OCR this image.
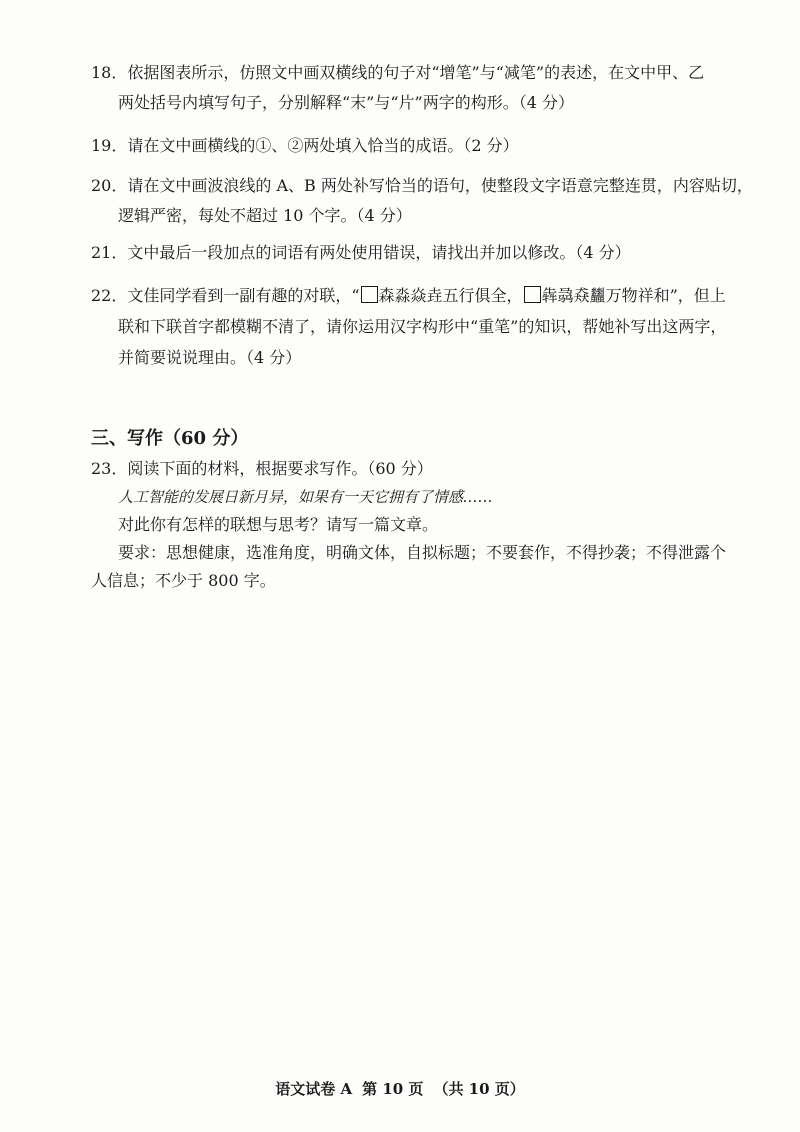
18．依据图表所示，仿照文中画双横线的句子对“增笔”与“减笔”的表述，在文中甲、乙
两处括号内填写句子，分别解释“末”与“片”两字的构形。（4 分）
19．请在文中画横线的①、②两处填入恰当的成语。（2 分）
20．请在文中画波浪线的 A、B 两处补写恰当的语句，使整段文字语意完整连贯，内容贴切，
逻辑严密，每处不超过 10 个字。（4 分）
21．文中最后一段加点的词语有两处使用错误，请找出并加以修改。（4 分）
22．文佳同学看到一副有趣的对联，“ 森淼焱垚五行俱全， 犇骉猋蠿万物祥和”，但上
联和下联首字都模糊不清了，请你运用汉字构形中“重笔”的知识，帮她补写出这两字，
并简要说说理由。（4 分）
三、写作（60 分）
23．阅读下面的材料，根据要求写作。（60 分）
人工智能的发展日新月异，如果有一天它拥有了情感……
对此你有怎样的联想与思考？请写一篇文章。
要求：思想健康，选准角度，明确文体，自拟标题；不要套作，不得抄袭；不得泄露个
人信息；不少于 800 字。
语文试卷 A 第 10 页 （共 10 页）
